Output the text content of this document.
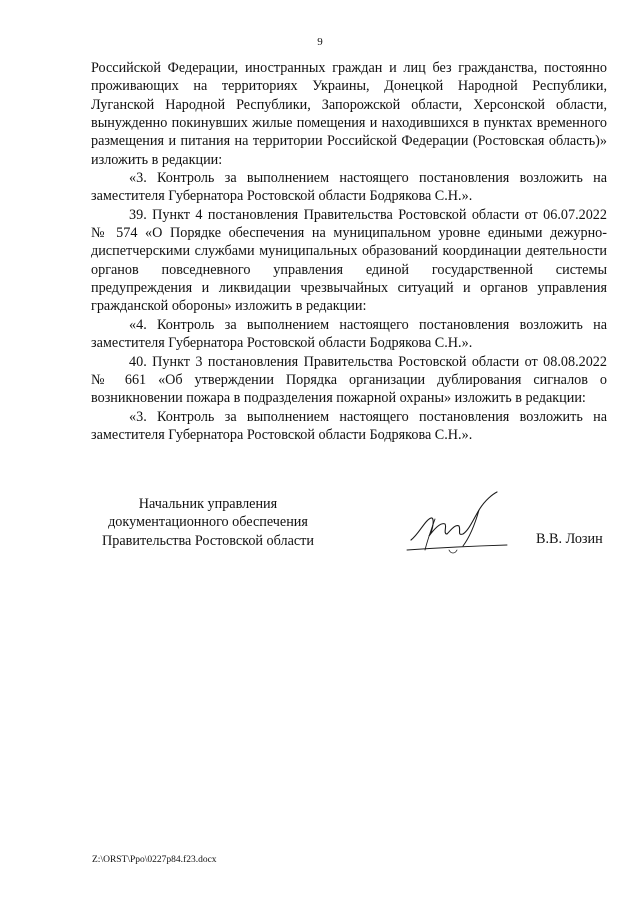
9

Российской Федерации, иностранных граждан и лиц без гражданства, постоянно проживающих на территориях Украины, Донецкой Народной Республики, Луганской Народной Республики, Запорожской области, Херсонской области, вынужденно покинувших жилые помещения и находившихся в пунктах временного размещения и питания на территории Российской Федерации (Ростовская область)» изложить в редакции:

«3. Контроль за выполнением настоящего постановления возложить на заместителя Губернатора Ростовской области Бодрякова С.Н.».

39. Пункт 4 постановления Правительства Ростовской области от 06.07.2022 № 574 «О Порядке обеспечения на муниципальном уровне едиными дежурно-диспетчерскими службами муниципальных образований координации деятельности органов повседневного управления единой государственной системы предупреждения и ликвидации чрезвычайных ситуаций и органов управления гражданской обороны» изложить в редакции:

«4. Контроль за выполнением настоящего постановления возложить на заместителя Губернатора Ростовской области Бодрякова С.Н.».

40. Пункт 3 постановления Правительства Ростовской области от 08.08.2022 № 661 «Об утверждении Порядка организации дублирования сигналов о возникновении пожара в подразделения пожарной охраны» изложить в редакции:

«3. Контроль за выполнением настоящего постановления возложить на заместителя Губернатора Ростовской области Бодрякова С.Н.».

Начальник управления
документационного обеспечения
Правительства Ростовской области	В.В. Лозин
Z:\ORST\Ppo\0227p84.f23.docx
